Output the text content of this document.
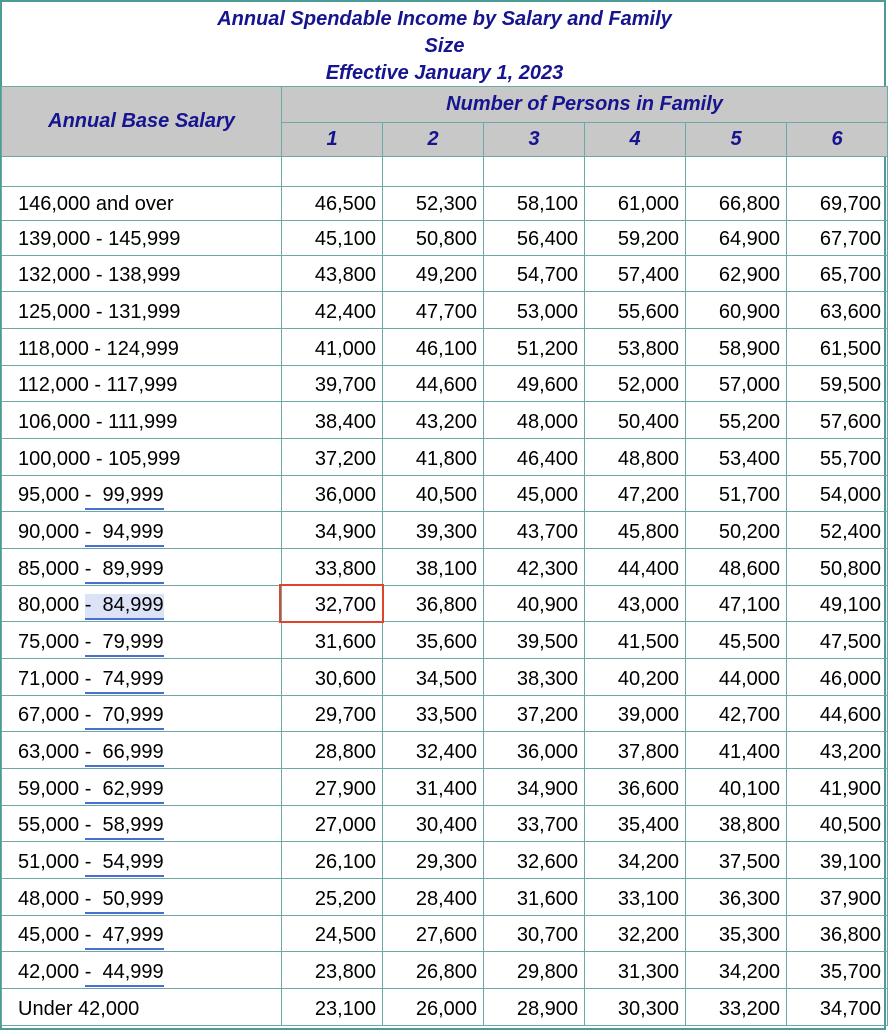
Annual Spendable Income by Salary and Family
Size
Effective January 1, 2023
Annual Base Salary	Number of Persons in Family					
	1	2	3	4	5	6

146,000 and over	46,500	52,300	58,100	61,000	66,800	69,700
139,000 - 145,999	45,100	50,800	56,400	59,200	64,900	67,700
132,000 - 138,999	43,800	49,200	54,700	57,400	62,900	65,700
125,000 - 131,999	42,400	47,700	53,000	55,600	60,900	63,600
118,000 - 124,999	41,000	46,100	51,200	53,800	58,900	61,500
112,000 - 117,999	39,700	44,600	49,600	52,000	57,000	59,500
106,000 - 111,999	38,400	43,200	48,000	50,400	55,200	57,600
100,000 - 105,999	37,200	41,800	46,400	48,800	53,400	55,700
95,000 -  99,999	36,000	40,500	45,000	47,200	51,700	54,000
90,000 -  94,999	34,900	39,300	43,700	45,800	50,200	52,400
85,000 -  89,999	33,800	38,100	42,300	44,400	48,600	50,800
80,000 -  84,999	32,700	36,800	40,900	43,000	47,100	49,100
75,000 -  79,999	31,600	35,600	39,500	41,500	45,500	47,500
71,000 -  74,999	30,600	34,500	38,300	40,200	44,000	46,000
67,000 -  70,999	29,700	33,500	37,200	39,000	42,700	44,600
63,000 -  66,999	28,800	32,400	36,000	37,800	41,400	43,200
59,000 -  62,999	27,900	31,400	34,900	36,600	40,100	41,900
55,000 -  58,999	27,000	30,400	33,700	35,400	38,800	40,500
51,000 -  54,999	26,100	29,300	32,600	34,200	37,500	39,100
48,000 -  50,999	25,200	28,400	31,600	33,100	36,300	37,900
45,000 -  47,999	24,500	27,600	30,700	32,200	35,300	36,800
42,000 -  44,999	23,800	26,800	29,800	31,300	34,200	35,700
Under 42,000	23,100	26,000	28,900	30,300	33,200	34,700
